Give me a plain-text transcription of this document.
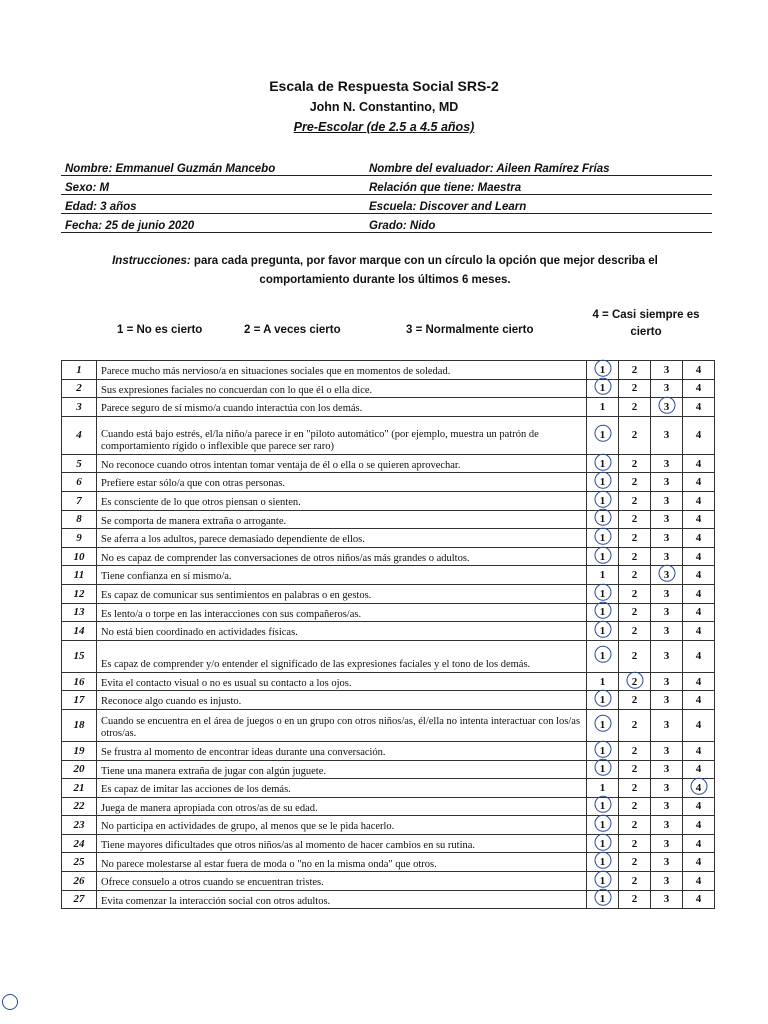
Escala de Respuesta Social SRS-2
John N. Constantino, MD
Pre-Escolar (de 2.5 a 4.5 años)
Nombre: Emmanuel Guzmán Mancebo	Nombre del evaluador: Aileen Ramírez Frías
Sexo: M	Relación que tiene: Maestra
Edad: 3 años	Escuela: Discover and Learn
Fecha: 25 de junio 2020	Grado: Nido
Instrucciones: para cada pregunta, por favor marque con un círculo la opción que mejor describa el comportamiento durante los últimos 6 meses.
1 = No es cierto	2 = A veces cierto	3 = Normalmente cierto
4 = Casi siempre es cierto
1	Parece mucho más nervioso/a en situaciones sociales que en momentos de soledad.	1	2	3	4
2	Sus expresiones faciales no concuerdan con lo que él o ella dice.	1	2	3	4
3	Parece seguro de sí mismo/a cuando interactúa con los demás.	1	2	3	4
4	Cuando está bajo estrés, el/la niño/a parece ir en "piloto automático" (por ejemplo, muestra un patrón de comportamiento rígido o inflexible que parece ser raro)	1	2	3	4
5	No reconoce cuando otros intentan tomar ventaja de él o ella o se quieren aprovechar.	1	2	3	4
6	Prefiere estar sólo/a que con otras personas.	1	2	3	4
7	Es consciente de lo que otros piensan o sienten.	1	2	3	4
8	Se comporta de manera extraña o arrogante.	1	2	3	4
9	Se aferra a los adultos, parece demasiado dependiente de ellos.	1	2	3	4
10	No es capaz de comprender las conversaciones de otros niños/as más grandes o adultos.	1	2	3	4
11	Tiene confianza en sí mismo/a.	1	2	3	4
12	Es capaz de comunicar sus sentimientos en palabras o en gestos.	1	2	3	4
13	Es lento/a o torpe en las interacciones con sus compañeros/as.	1	2	3	4
14	No está bien coordinado en actividades físicas.	1	2	3	4
15	Es capaz de comprender y/o entender el significado de las expresiones faciales y el tono de los demás.	1	2	3	4
16	Evita el contacto visual o no es usual su contacto a los ojos.	1	2	3	4
17	Reconoce algo cuando es injusto.	1	2	3	4
18	Cuando se encuentra en el área de juegos o en un grupo con otros niños/as, él/ella no intenta interactuar con los/as otros/as.	1	2	3	4
19	Se frustra al momento de encontrar ideas durante una conversación.	1	2	3	4
20	Tiene una manera extraña de jugar con algún juguete.	1	2	3	4
21	Es capaz de imitar las acciones de los demás.	1	2	3	4
22	Juega de manera apropiada con otros/as de su edad.	1	2	3	4
23	No participa en actividades de grupo, al menos que se le pida hacerlo.	1	2	3	4
24	Tiene mayores dificultades que otros niños/as al momento de hacer cambios en su rutina.	1	2	3	4
25	No parece molestarse al estar fuera de moda o "no en la misma onda" que otros.	1	2	3	4
26	Ofrece consuelo a otros cuando se encuentran tristes.	1	2	3	4
27	Evita comenzar la interacción social con otros adultos.	1	2	3	4
